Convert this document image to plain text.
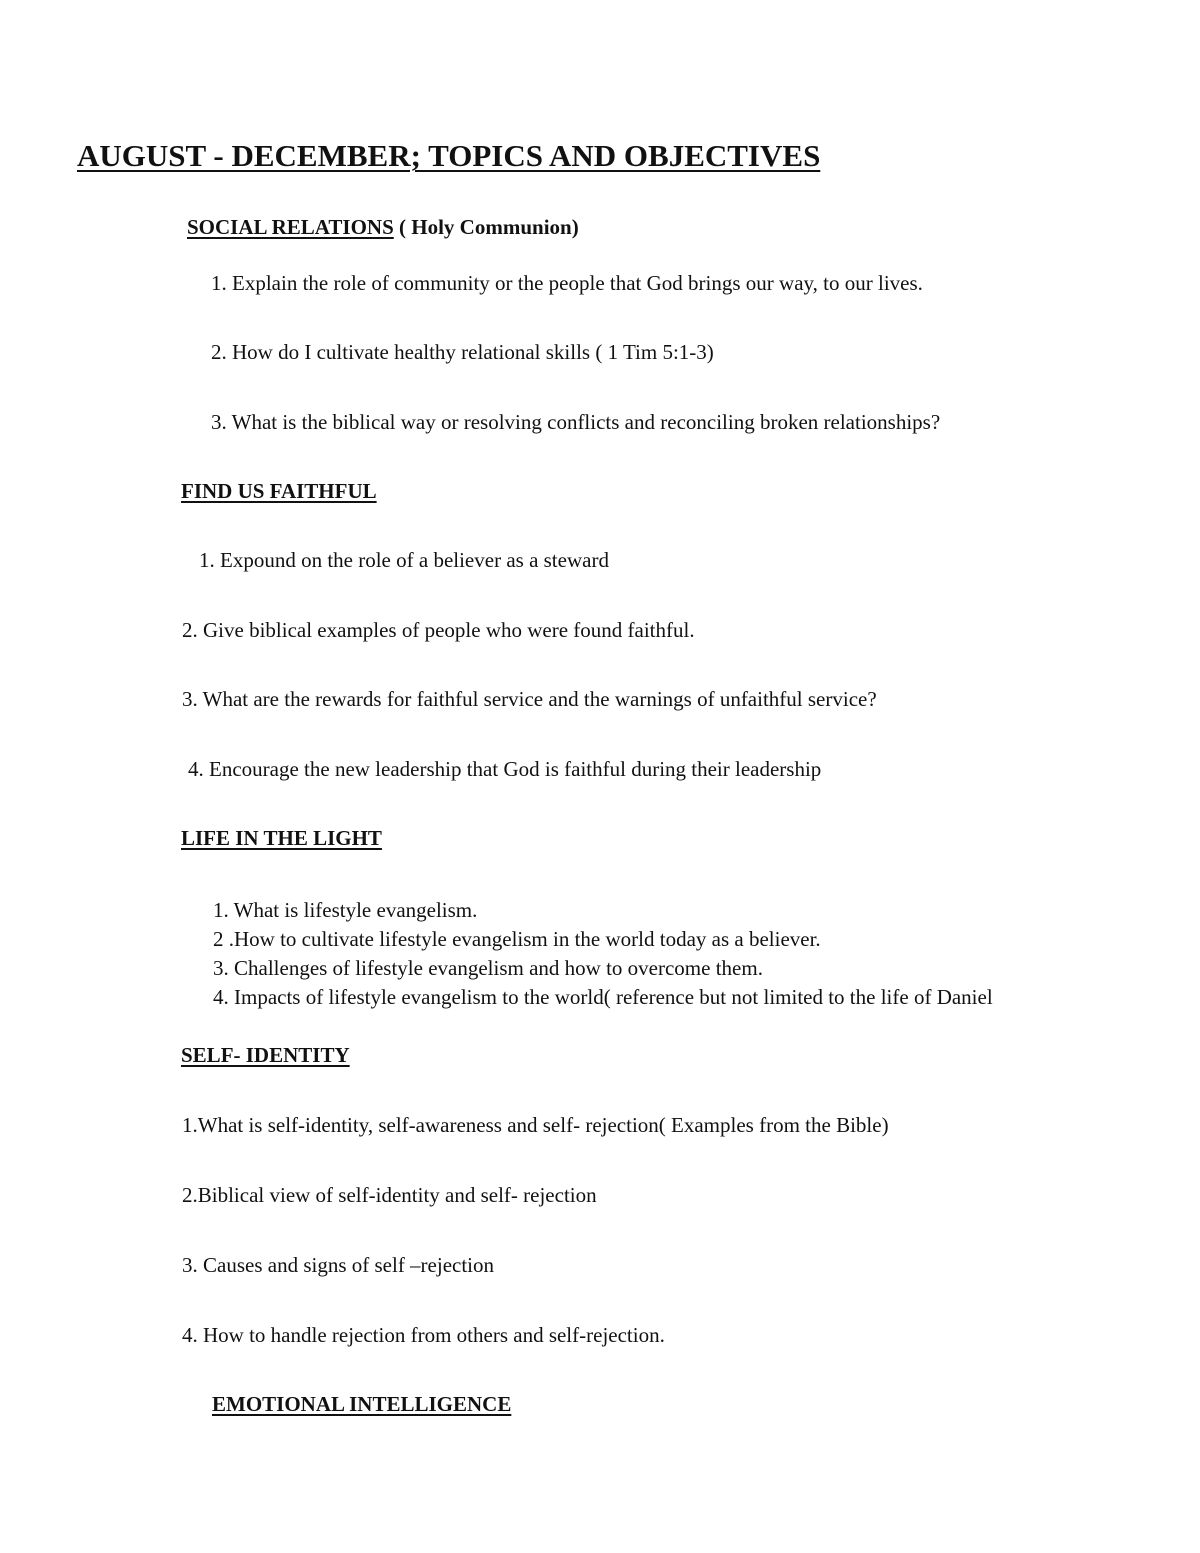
AUGUST - DECEMBER; TOPICS AND OBJECTIVES
SOCIAL RELATIONS ( Holy Communion)

1. Explain the role of community or the people that God brings our way, to our lives.

2. How do I cultivate healthy relational skills ( 1 Tim 5:1-3)

3. What is the biblical way or resolving conflicts and reconciling broken relationships?

FIND US FAITHFUL

1. Expound on the role of a believer as a steward

2. Give biblical examples of people who were found faithful.

3. What are the rewards for faithful service and the warnings of unfaithful service?

4. Encourage the new leadership that God is faithful during their leadership

LIFE IN THE LIGHT

1. What is lifestyle evangelism.

2 .How to cultivate lifestyle evangelism in the world today as a believer.

3. Challenges of lifestyle evangelism and how to overcome them.

4. Impacts of lifestyle evangelism to the world( reference but not limited to the life of Daniel

SELF- IDENTITY

1.What is self-identity, self-awareness and self- rejection( Examples from the Bible)

2.Biblical view of self-identity and self- rejection

3. Causes and signs of self –rejection

4. How to handle rejection from others and self-rejection.

EMOTIONAL INTELLIGENCE
